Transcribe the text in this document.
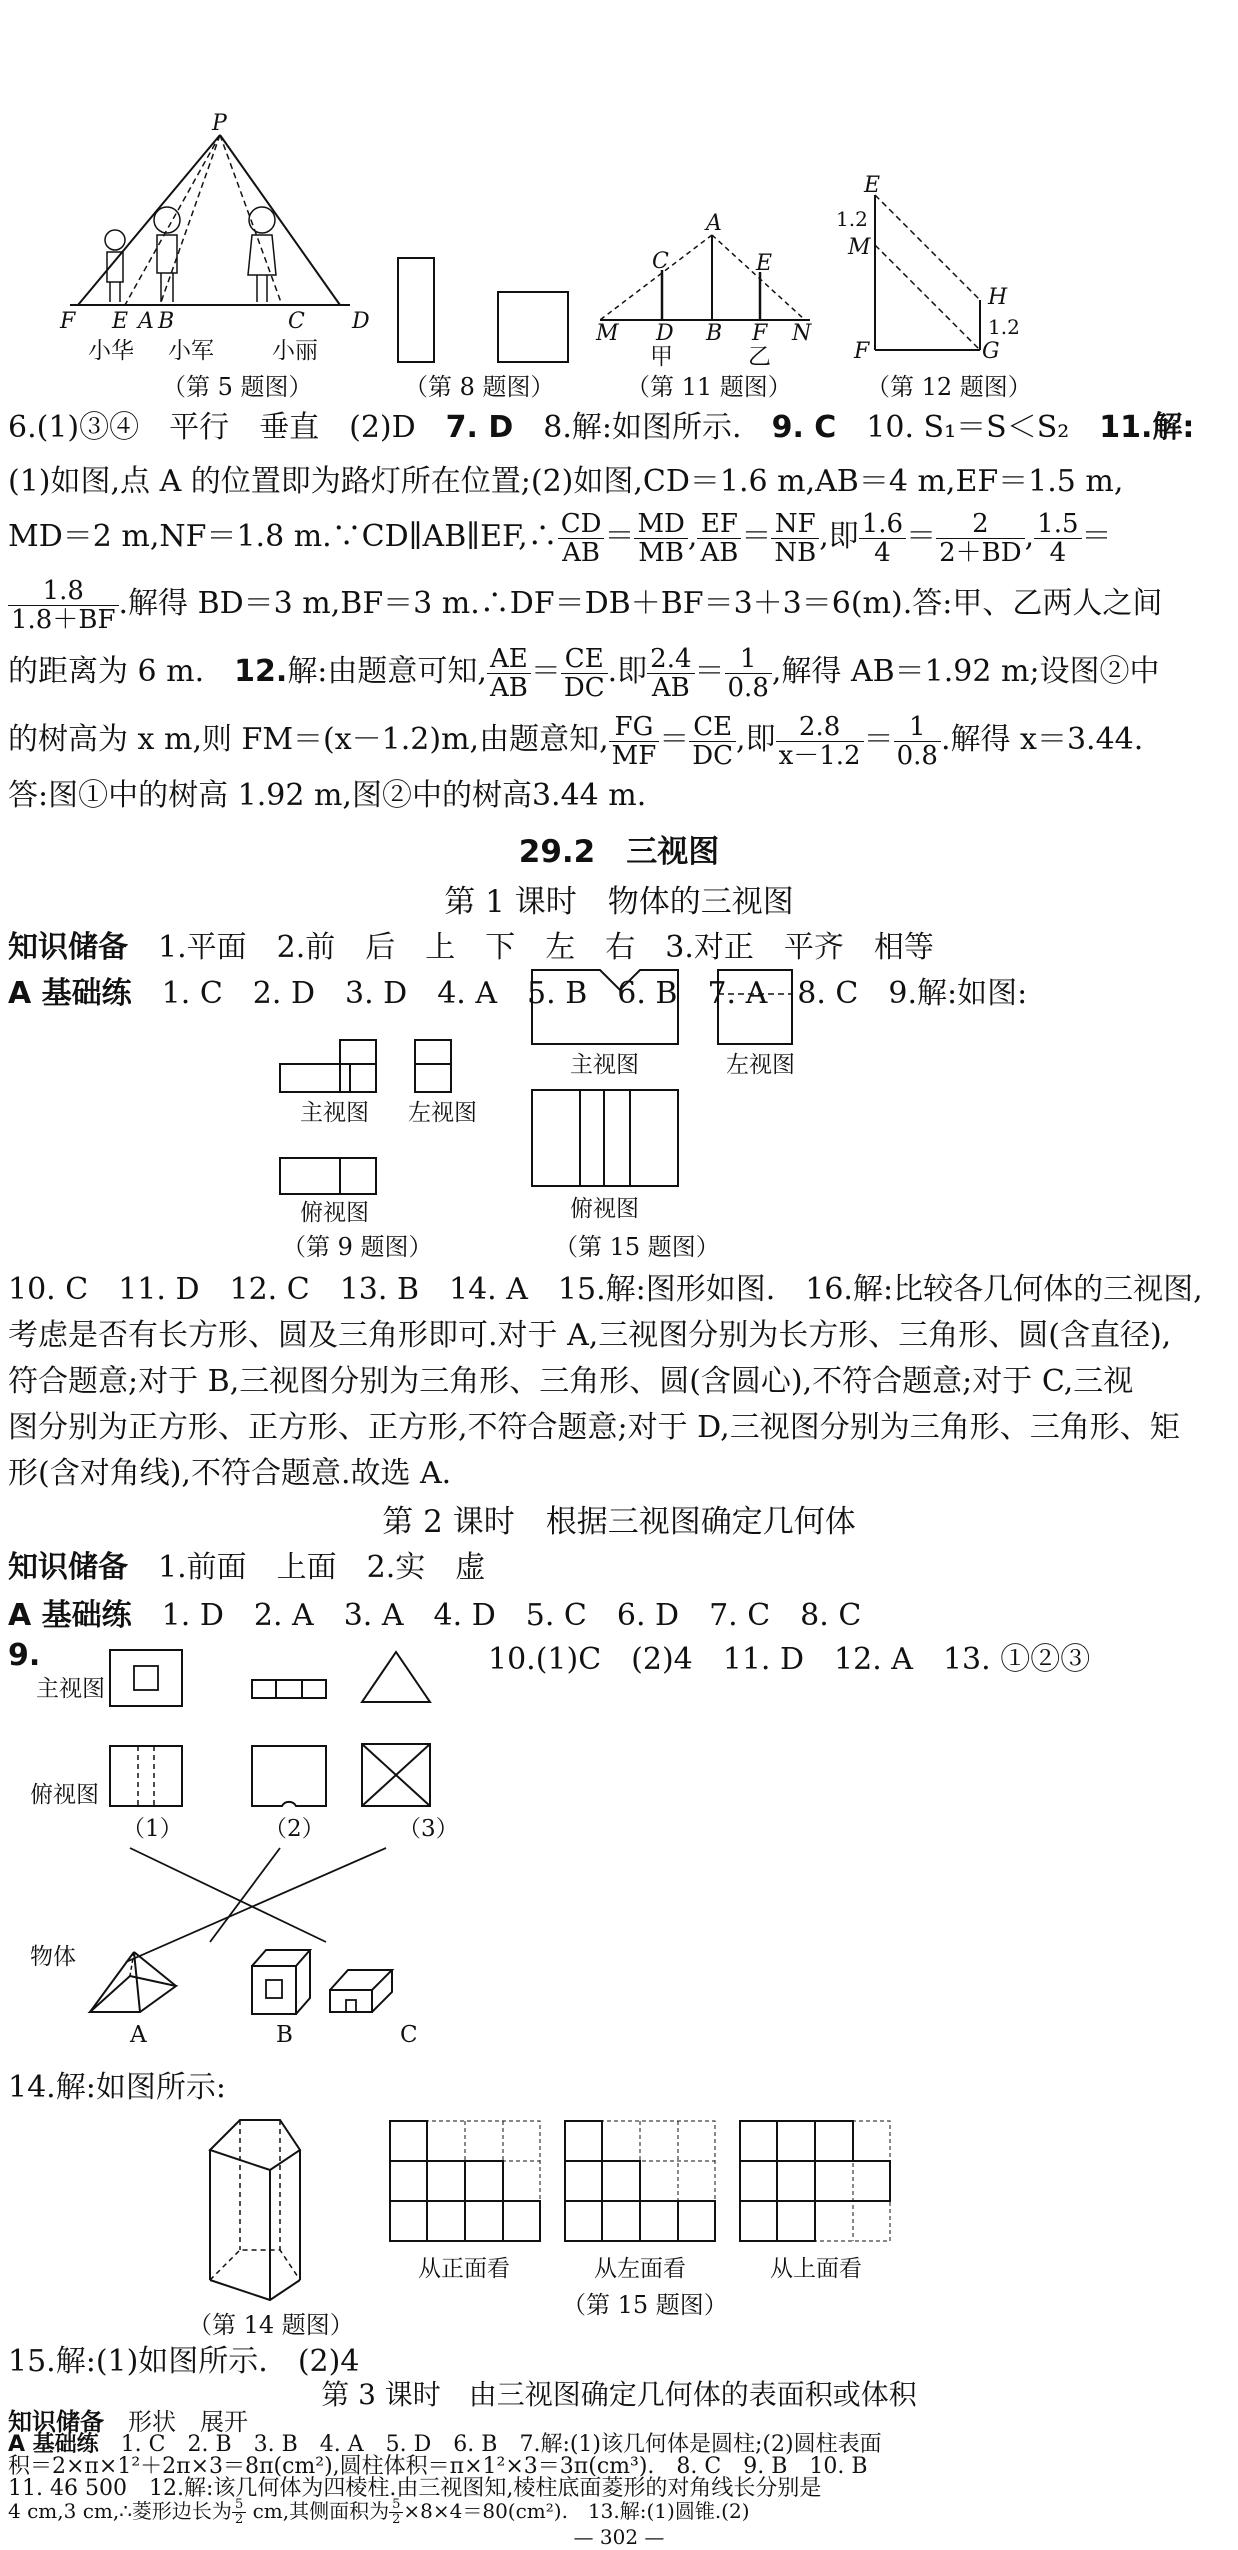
P
F E A B	C D
小华 小军	小丽
（第 5 题图）	（第 8 题图）
A
C	E
M D B F N
甲	乙
（第 11 题图）
E
1.2
M
H
1.2
F	G
（第 12 题图）
6.(1)③④　平行　垂直　(2)D　7. D　8.解:如图所示.　9. C　10. S₁＝S＜S₂　11.解:
(1)如图,点 A 的位置即为路灯所在位置;(2)如图,CD＝1.6 m,AB＝4 m,EF＝1.5 m,
MD＝2 m,NF＝1.8 m.∵CD∥AB∥EF,∴ $\frac{CD}{AB} = \frac{MD}{MB}$ , $\frac{EF}{AB} = \frac{NF}{NB}$ ,即 $\frac{1.6}{4} = \frac{2}{2+BD}$ , $\frac{1.5}{4}$ ＝
$\frac{1.8}{1.8+BF}$ .解得 BD＝3 m,BF＝3 m.∴DF＝DB＋BF＝3＋3＝6(m).答:甲、乙两人之间
的距离为 6 m.　12.解:由题意可知, $\frac{AE}{AB} = \frac{CE}{DC}$ .即 $\frac{2.4}{AB} = \frac{1}{0.8}$ ,解得 AB＝1.92 m;设图②中
的树高为 x m,则 FM＝(x－1.2)m,由题意知, $\frac{FG}{MF} = \frac{CE}{DC}$ ,即 $\frac{2.8}{x-1.2} = \frac{1}{0.8}$ .解得 x＝3.44.
答:图①中的树高 1.92 m,图②中的树高3.44 m.
29.2　三视图
第 1 课时　物体的三视图
知识储备　1.平面　2.前　后　上　下　左　右　3.对正　平齐　相等
A 基础练　1. C　2. D　3. D　4. A　5. B　6. B　7. A　8. C　9.解:如图:
主视图 左视图
俯视图
（第 9 题图）
主视图	左视图
俯视图
（第 15 题图）
10. C　11. D　12. C　13. B　14. A　15.解:图形如图.　16.解:比较各几何体的三视图,
考虑是否有长方形、圆及三角形即可.对于 A,三视图分别为长方形、三角形、圆(含直径),
符合题意;对于 B,三视图分别为三角形、三角形、圆(含圆心),不符合题意;对于 C,三视
图分别为正方形、正方形、正方形,不符合题意;对于 D,三视图分别为三角形、三角形、矩
形(含对角线),不符合题意.故选 A.
第 2 课时　根据三视图确定几何体
知识储备　1.前面　上面　2.实　虚
A 基础练　1. D　2. A　3. A　4. D　5. C　6. D　7. C　8. C
9.
主视图
俯视图
物体
（1）	（2）	（3）
A	B	C
10.(1)C　(2)4　11. D　12. A　13. ①②③
14.解:如图所示:
（第 14 题图）
从正面看	从左面看	从上面看
（第 15 题图）
15.解:(1)如图所示.　(2)4
第 3 课时　由三视图确定几何体的表面积或体积
知识储备　形状　展开
A 基础练　1. C　2. B　3. B　4. A　5. D　6. B　7.解:(1)该几何体是圆柱;(2)圆柱表面
积＝2×π×1²＋2π×3＝8π(cm²),圆柱体积＝π×1²×3＝3π(cm³).　8. C　9. B　10. B
11. 46 500　12.解:该几何体为四棱柱.由三视图知,棱柱底面菱形的对角线长分别是
4 cm,3 cm,∴菱形边长为 $\frac{5}{2}$ cm,其侧面积为 $\frac{5}{2} \times 8\times 4=80(cm^2)$.　13.解:(1)圆锥.(2)
— 302 —
